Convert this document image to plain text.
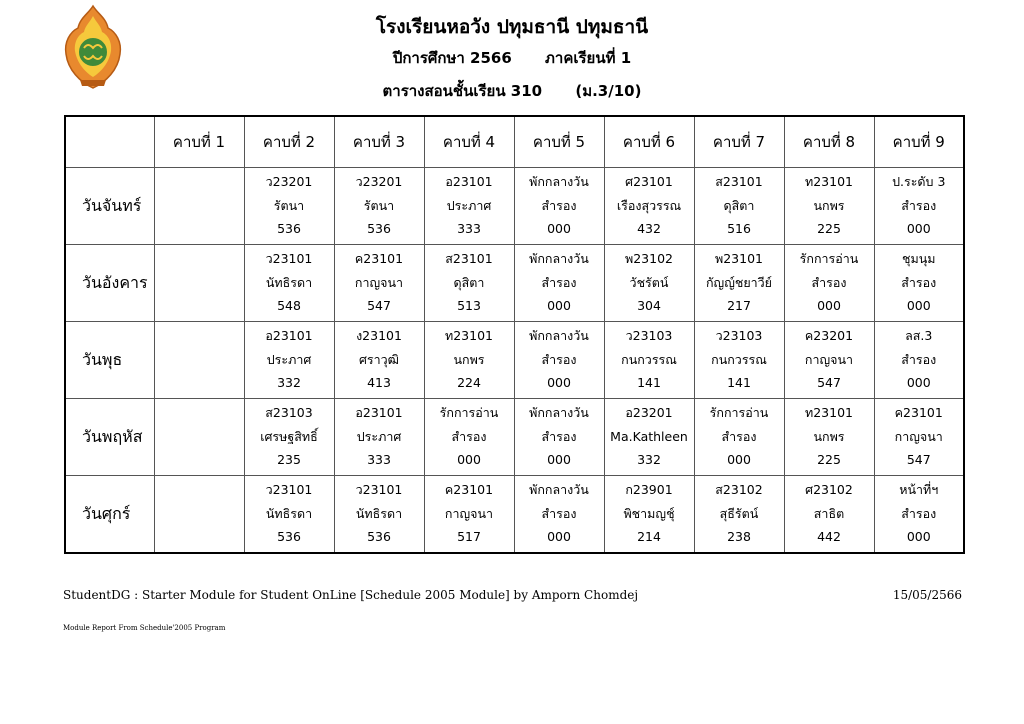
โรงเรียนหอวัง ปทุมธานี ปทุมธานี
ปีการศึกษา 2566 ภาคเรียนที่ 1
ตารางสอนชั้นเรียน 310 (ม.3/10)
	คาบที่ 1	คาบที่ 2	คาบที่ 3	คาบที่ 4	คาบที่ 5	คาบที่ 6	คาบที่ 7	คาบที่ 8	คาบที่ 9
วันจันทร์		ว23201
รัตนา
536	ว23201
รัตนา
536	อ23101
ประภาศ
333	พักกลางวัน
สำรอง
000	ศ23101
เรืองสุวรรณ
432	ส23101
ดุสิตา
516	ท23101
นกพร
225	ป.ระดับ 3
สำรอง
000

วันอังคาร		ว23101
นัทธิรดา
548	ค23101
กาญจนา
547	ส23101
ดุสิตา
513	พักกลางวัน
สำรอง
000	พ23102
วัชรัตน์
304	พ23101
กัญญ์ชยาวีย์
217	รักการอ่าน
สำรอง
000	ชุมนุม
สำรอง
000

วันพุธ		อ23101
ประภาศ
332	ง23101
ศราวุฒิ
413	ท23101
นกพร
224	พักกลางวัน
สำรอง
000	ว23103
กนกวรรณ
141	ว23103
กนกวรรณ
141	ค23201
กาญจนา
547	ลส.3
สำรอง
000

วันพฤหัส		ส23103
เศรษฐสิทธิ์
235	อ23101
ประภาศ
333	รักการอ่าน
สำรอง
000	พักกลางวัน
สำรอง
000	อ23201
Ma.Kathleen
332	รักการอ่าน
สำรอง
000	ท23101
นกพร
225	ค23101
กาญจนา
547

วันศุกร์		ว23101
นัทธิรดา
536	ว23101
นัทธิรดา
536	ค23101
กาญจนา
517	พักกลางวัน
สำรอง
000	ก23901
พิชามญชุ์
214	ส23102
สุธีรัตน์
238	ศ23102
สาธิต
442	หน้าที่ฯ
สำรอง
000
StudentDG : Starter Module for Student OnLine [Schedule 2005 Module] by Amporn Chomdej	15/05/2566
Module Report From Schedule'2005 Program
